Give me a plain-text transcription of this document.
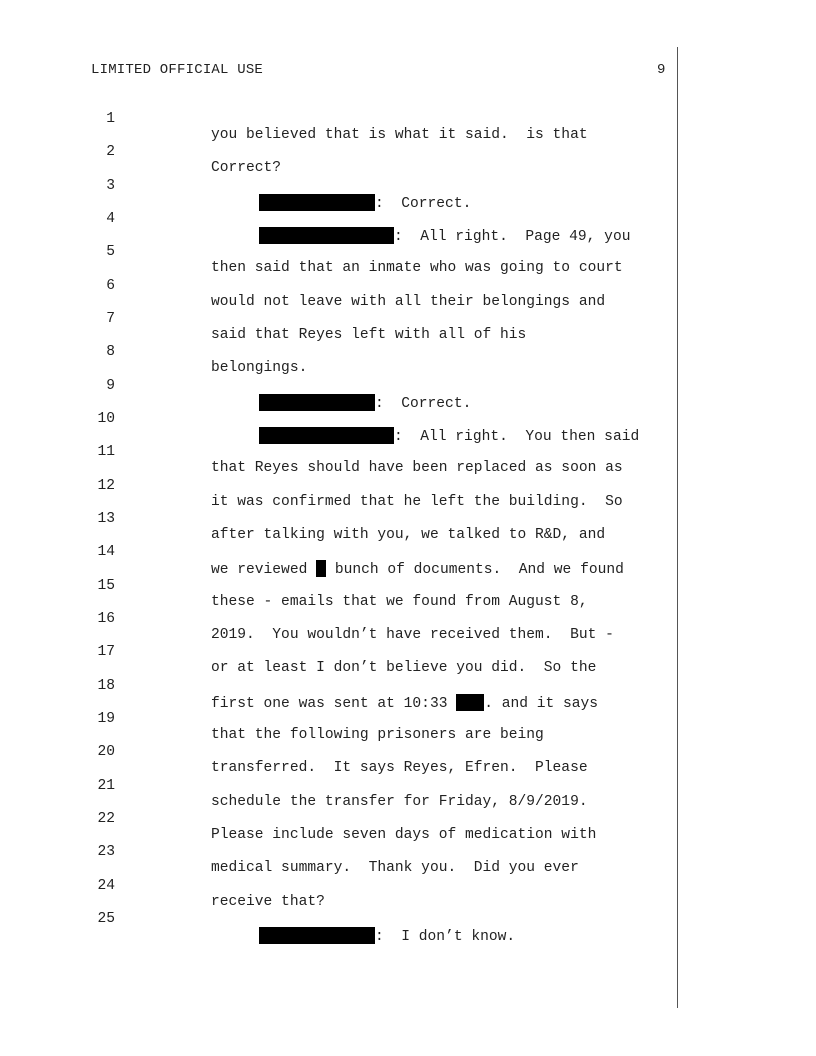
LIMITED OFFICIAL USE	9

1

you believed that is what it said.  is that

2

Correct?

3

:  Correct.

4

:  All right.  Page 49, you

5

then said that an inmate who was going to court

6

would not leave with all their belongings and

7

said that Reyes left with all of his

8

belongings.

9

:  Correct.

10

:  All right.  You then said

11

that Reyes should have been replaced as soon as

12

it was confirmed that he left the building.  So

13

after talking with you, we talked to R&D, and

14

we reviewed  bunch of documents.  And we found

15

these - emails that we found from August 8,

16

2019.  You wouldn’t have received them.  But -

17

or at least I don’t believe you did.  So the

18

first one was sent at 10:33 . and it says

19

that the following prisoners are being

20

transferred.  It says Reyes, Efren.  Please

21

schedule the transfer for Friday, 8/9/2019.

22

Please include seven days of medication with

23

medical summary.  Thank you.  Did you ever

24

receive that?

25

:  I don’t know.
